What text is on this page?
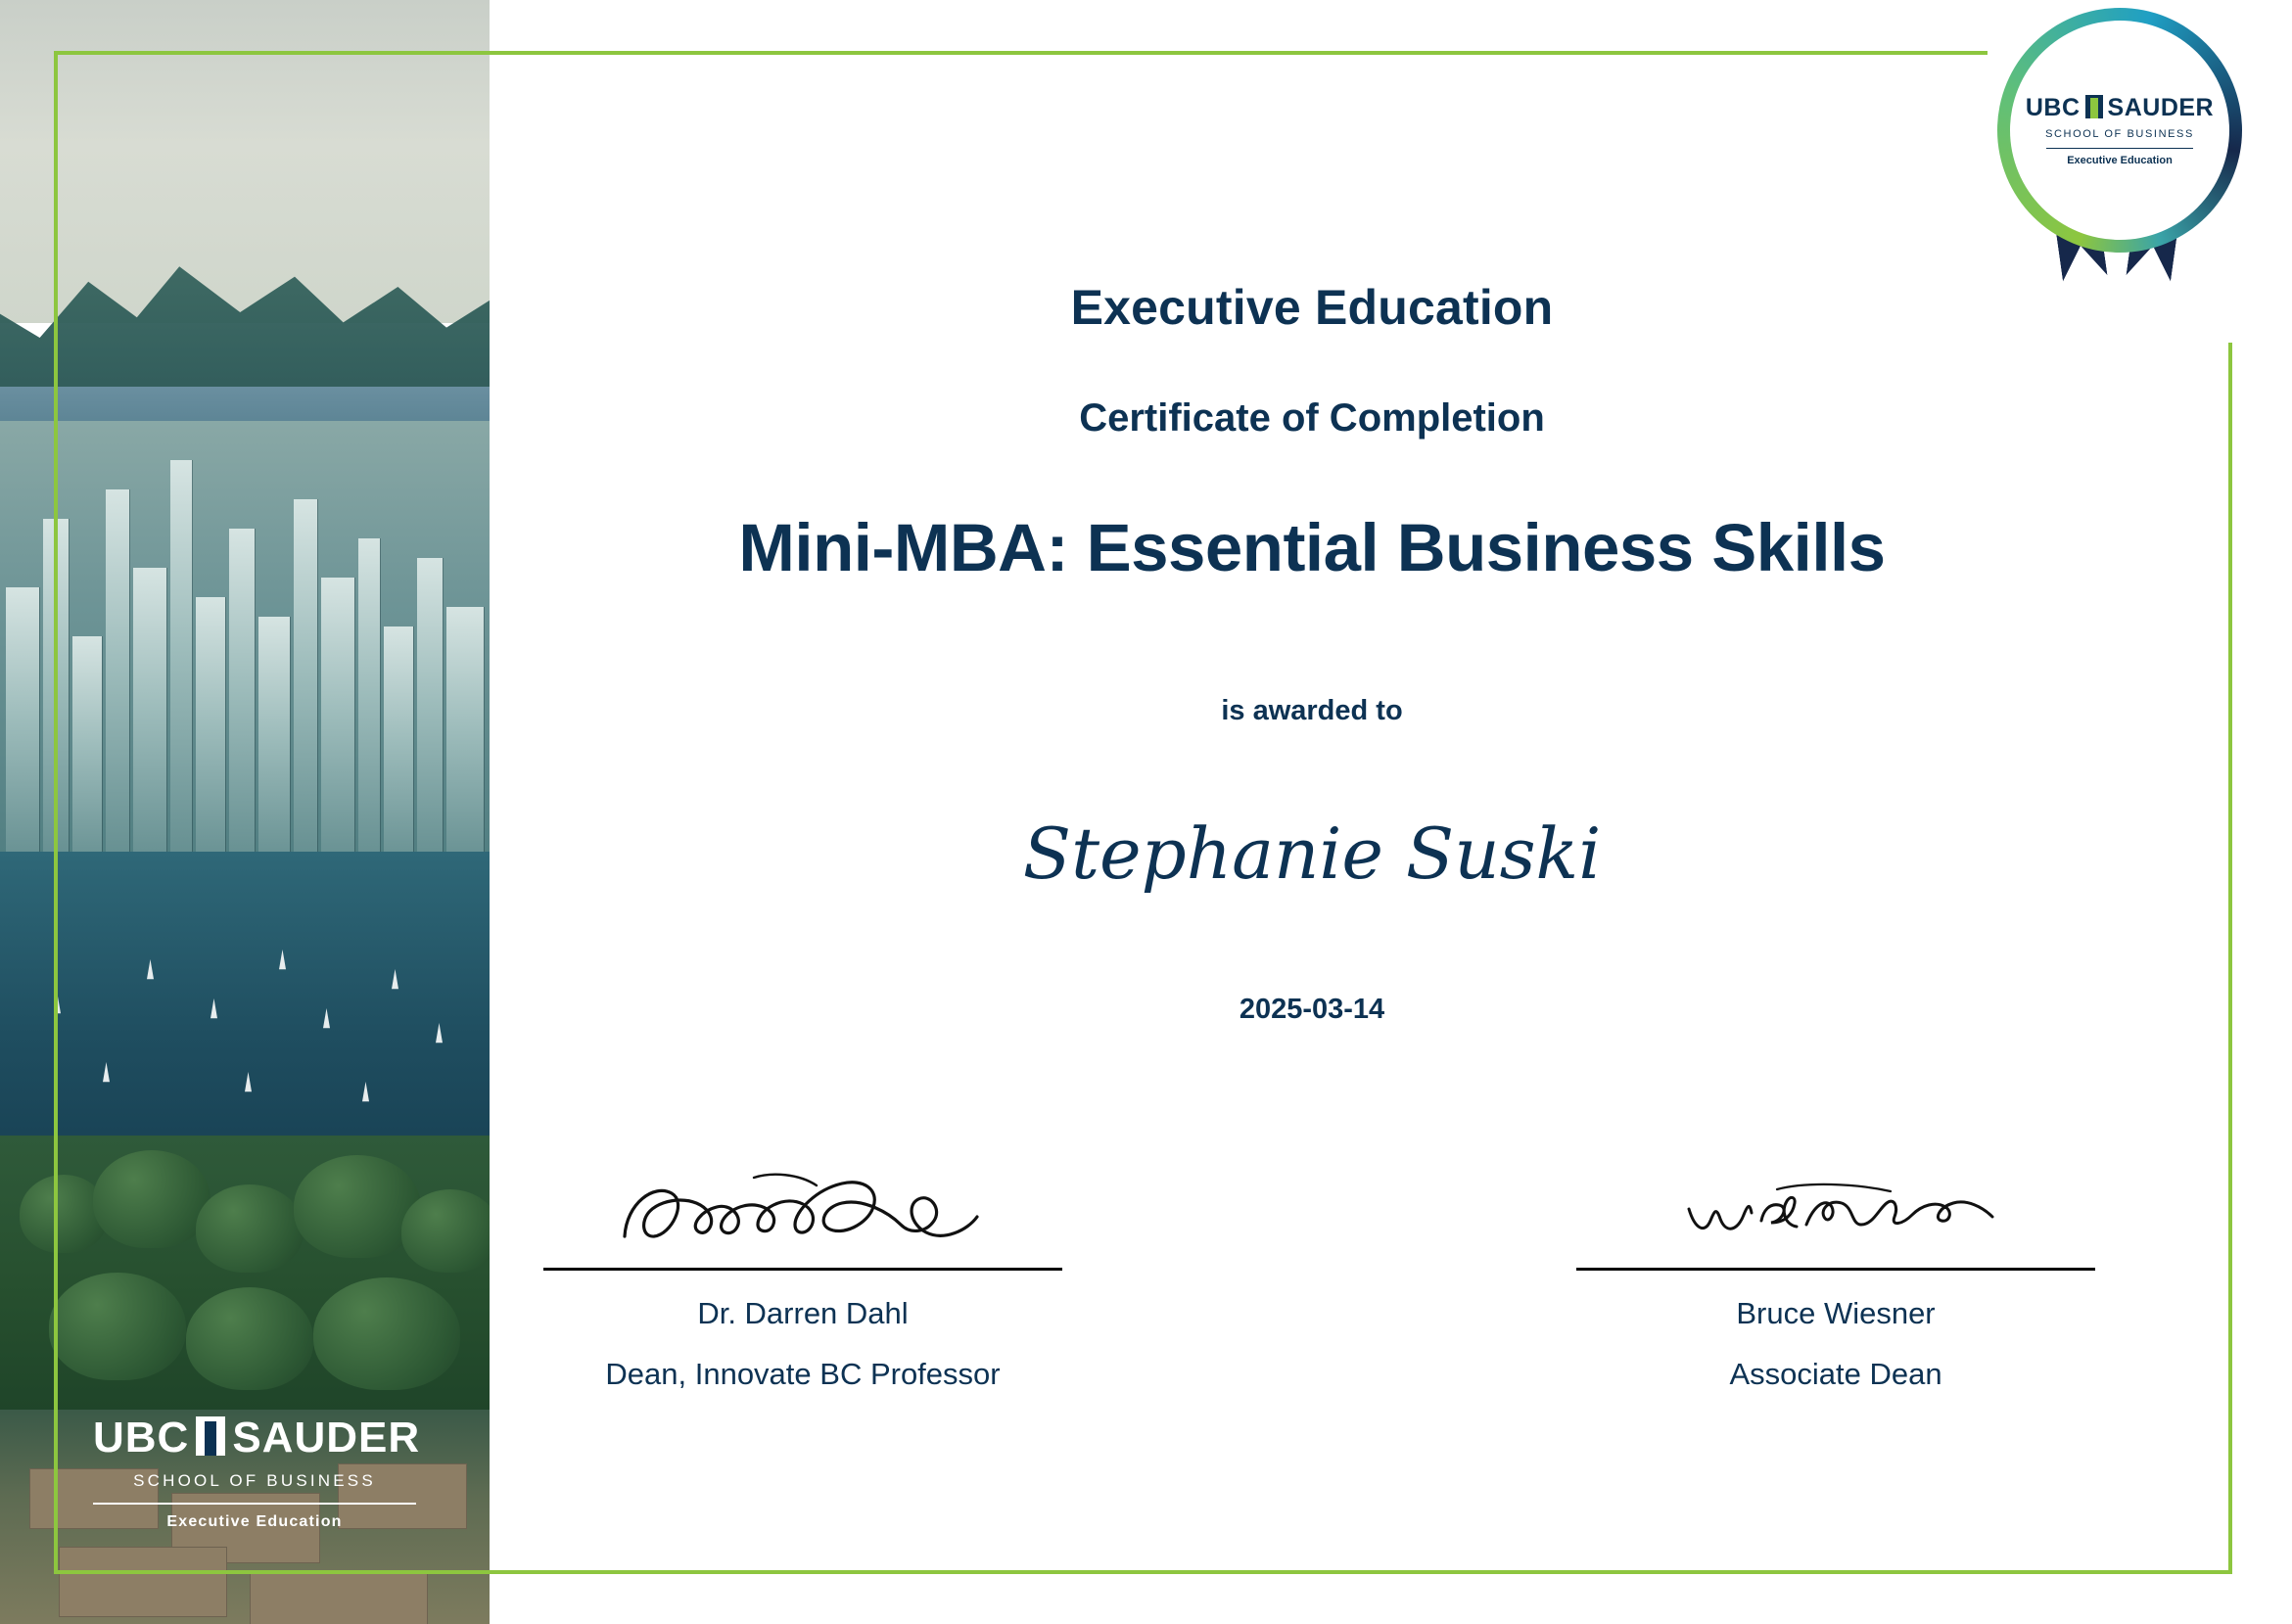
UBC SAUDER
SCHOOL OF BUSINESS
Executive Education
Executive Education
Certificate of Completion
Mini-MBA: Essential Business Skills
is awarded to
Stephanie Suski
2025-03-14
Dr. Darren Dahl
Dean, Innovate BC Professor
Bruce Wiesner
Associate Dean
UBC SAUDER
SCHOOL OF BUSINESS
Executive Education
